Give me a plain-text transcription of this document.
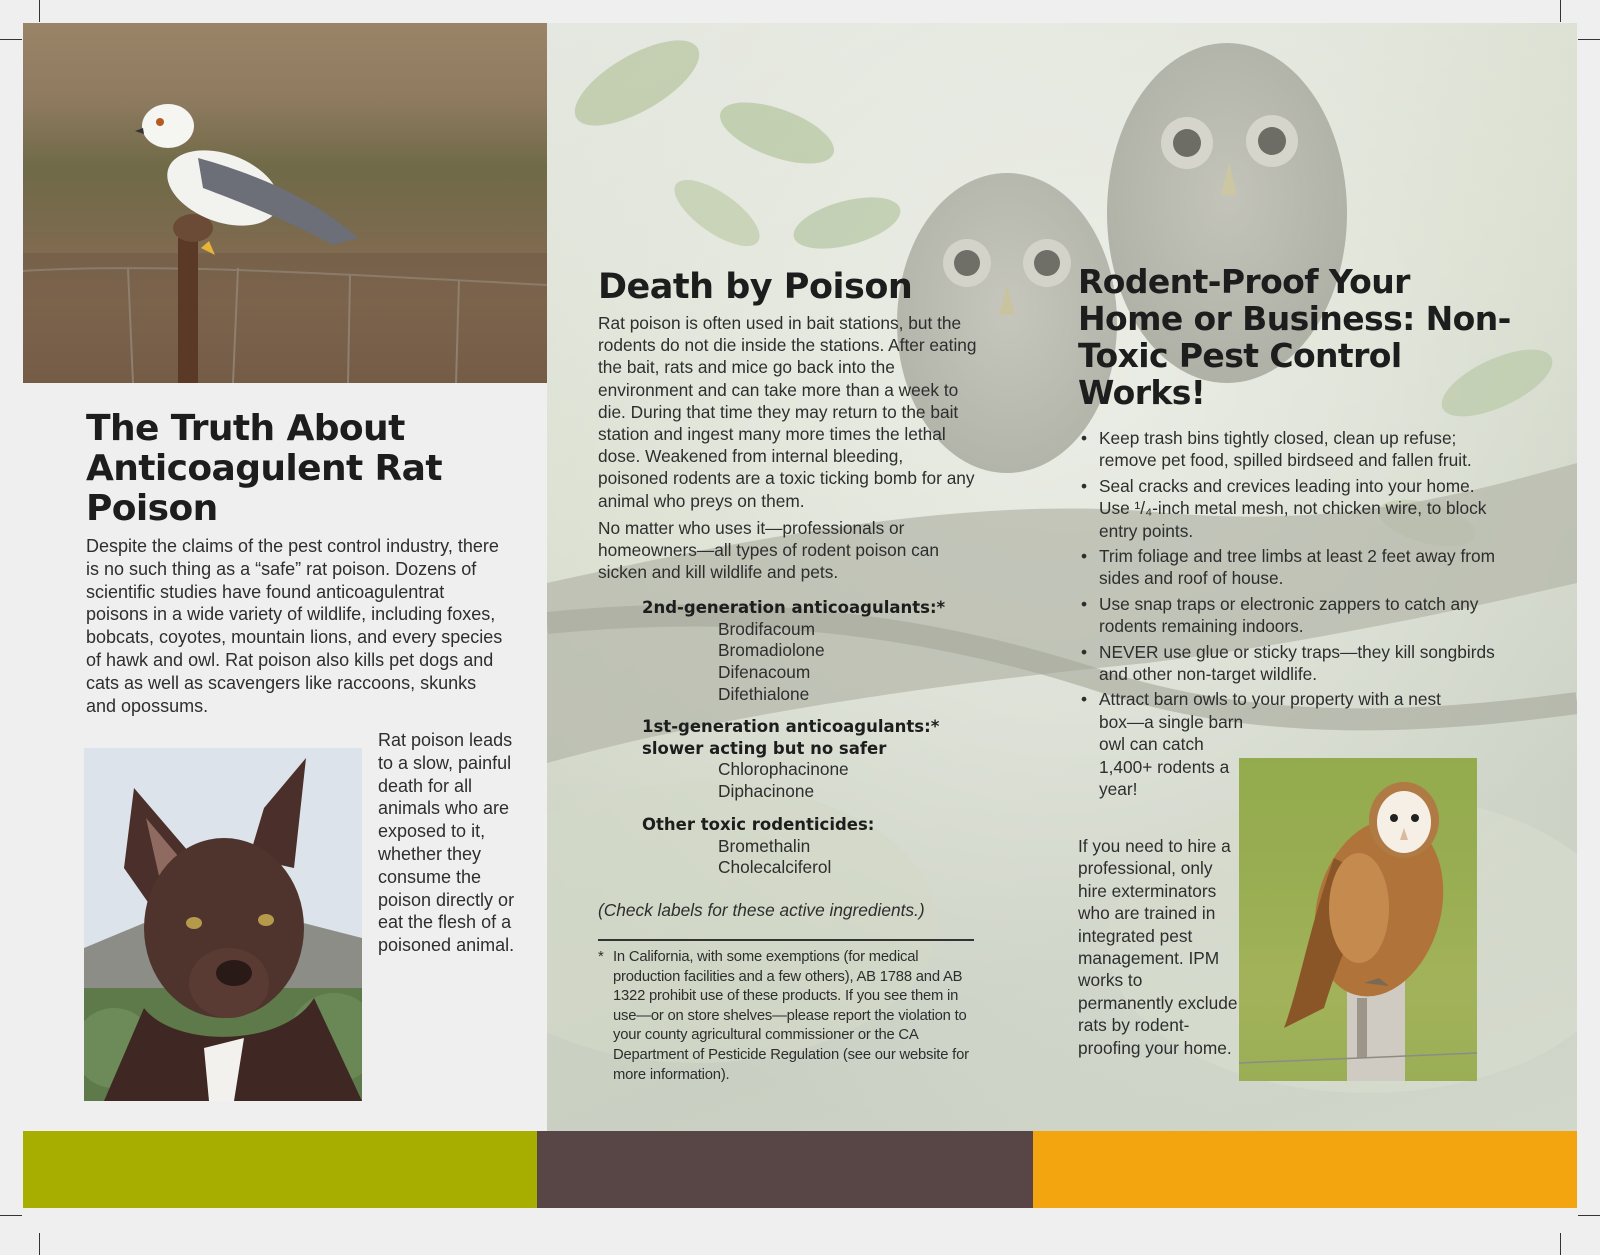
The Truth About Anticoagulent Rat Poison

Despite the claims of the pest control industry, there is no such thing as a “safe” rat poison. Dozens of scientific studies have found anticoagulentrat poisons in a wide variety of wildlife, including foxes, bobcats, coyotes, mountain lions, and every species of hawk and owl. Rat poison also kills pet dogs and cats as well as scavengers like raccoons, skunks and opossums.

Rat poison leads to a slow, painful death for all animals who are exposed to it, whether they consume the poison directly or eat the flesh of a poisoned animal.

Death by Poison

Rat poison is often used in bait stations, but the rodents do not die inside the stations. After eating the bait, rats and mice go back into the environment and can take more than a week to die. During that time they may return to the bait station and ingest many more times the lethal dose. Weakened from internal bleeding, poisoned rodents are a toxic ticking bomb for any animal who preys on them.

No matter who uses it—professionals or homeowners—all types of rodent poison can sicken and kill wildlife and pets.

2nd-generation anticoagulants:*

Brodifacoum

Bromadiolone

Difenacoum

Difethialone

1st-generation anticoagulants:*

slower acting but no safer

Chlorophacinone

Diphacinone

Other toxic rodenticides:

Bromethalin

Cholecalciferol

(Check labels for these active ingredients.)

* In California, with some exemptions (for medical production facilities and a few others), AB 1788 and AB 1322 prohibit use of these products. If you see them in use—or on store shelves—please report the violation to your county agricultural commissioner or the CA Department of Pesticide Regulation (see our website for more information).

Rodent-Proof Your Home or Business: Non-Toxic Pest Control Works!
• Keep trash bins tightly closed, clean up refuse; remove pet food, spilled birdseed and fallen fruit.
• Seal cracks and crevices leading into your home. Use ¹/₄-inch metal mesh, not chicken wire, to block entry points.
• Trim foliage and tree limbs at least 2 feet away from sides and roof of house.
• Use snap traps or electronic zappers to catch any rodents remaining indoors.
• NEVER use glue or sticky traps—they kill songbirds and other non-target wildlife.
• Attract barn owls to your property with a nest
box—a single barn owl can catch 1,400+ rodents a year!

If you need to hire a professional, only hire exterminators who are trained in integrated pest management. IPM works to permanently exclude rats by rodent-proofing your home.
